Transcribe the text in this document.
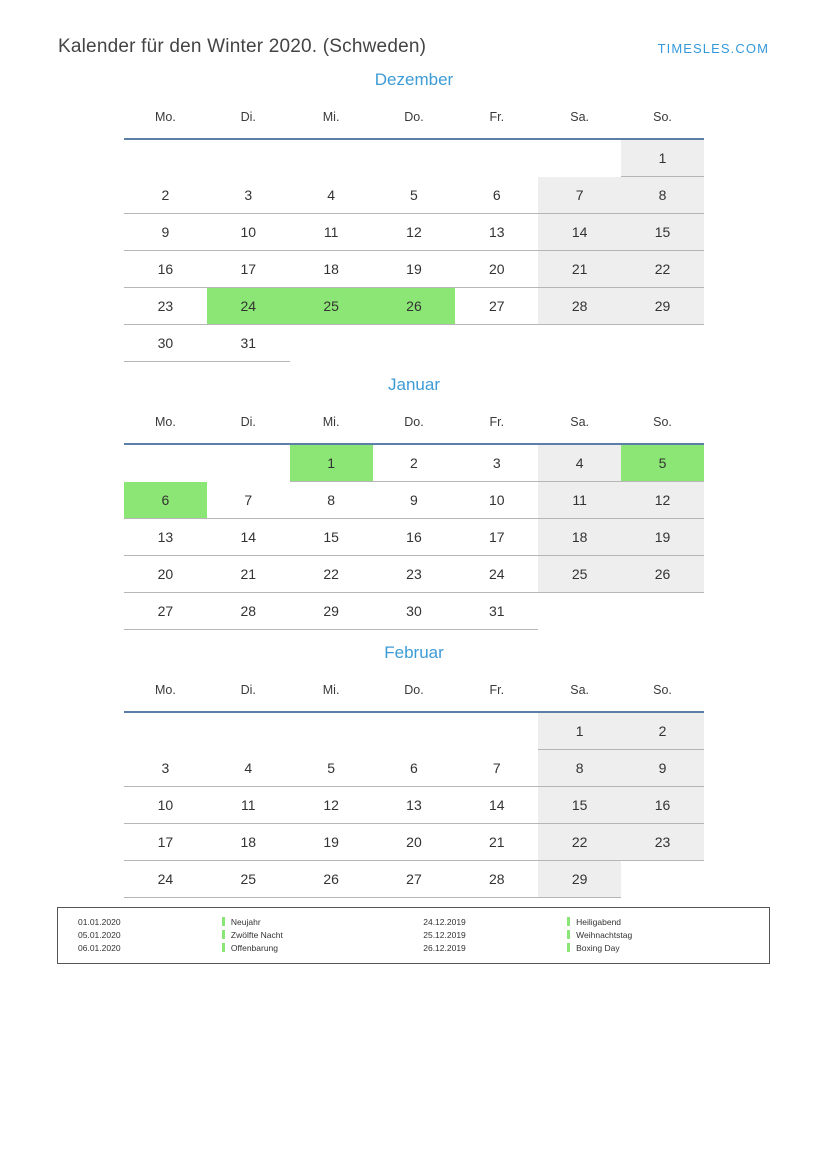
Kalender für den Winter 2020. (Schweden)	TIMESLES.COM
Dezember
Mo.	Di.	Mi.	Do.	Fr.	Sa.	So.
						1
2	3	4	5	6	7	8
9	10	11	12	13	14	15
16	17	18	19	20	21	22
23	24	25	26	27	28	29
30	31					
Januar
Mo.	Di.	Mi.	Do.	Fr.	Sa.	So.
		1	2	3	4	5
6	7	8	9	10	11	12
13	14	15	16	17	18	19
20	21	22	23	24	25	26
27	28	29	30	31		
Februar
Mo.	Di.	Mi.	Do.	Fr.	Sa.	So.
					1	2
3	4	5	6	7	8	9
10	11	12	13	14	15	16
17	18	19	20	21	22	23
24	25	26	27	28	29	
01.01.2020	Neujahr	24.12.2019	Heiligabend
05.01.2020	Zwölfte Nacht	25.12.2019	Weihnachtstag
06.01.2020	Offenbarung	26.12.2019	Boxing Day
